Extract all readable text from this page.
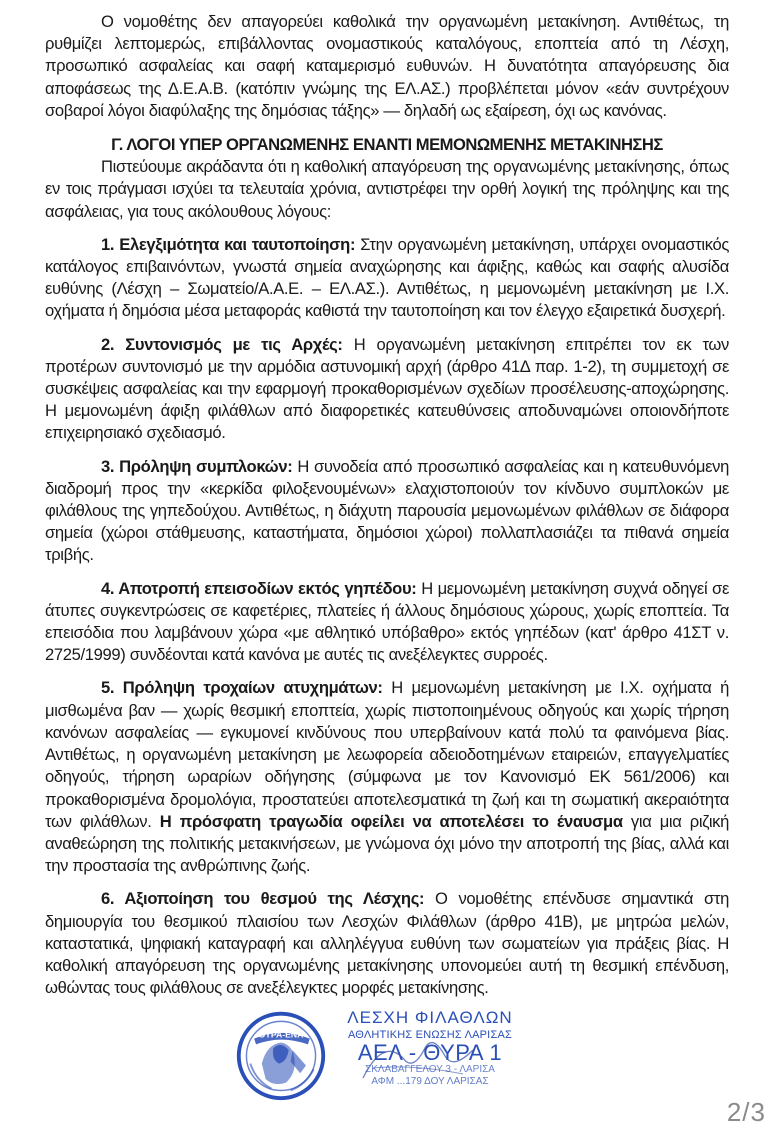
Ο νομοθέτης δεν απαγορεύει καθολικά την οργανωμένη μετακίνηση. Αντιθέτως, τη ρυθμίζει λεπτομερώς, επιβάλλοντας ονομαστικούς καταλόγους, εποπτεία από τη Λέσχη, προσωπικό ασφαλείας και σαφή καταμερισμό ευθυνών. Η δυνατότητα απαγόρευσης δια αποφάσεως της Δ.Ε.Α.Β. (κατόπιν γνώμης της ΕΛ.ΑΣ.) προβλέπεται μόνον «εάν συντρέχουν σοβαροί λόγοι διαφύλαξης της δημόσιας τάξης» — δηλαδή ως εξαίρεση, όχι ως κανόνας.

Γ. ΛΟΓΟΙ ΥΠΕΡ ΟΡΓΑΝΩΜΕΝΗΣ ΕΝΑΝΤΙ ΜΕΜΟΝΩΜΕΝΗΣ ΜΕΤΑΚΙΝΗΣΗΣ

Πιστεύουμε ακράδαντα ότι η καθολική απαγόρευση της οργανωμένης μετακίνησης, όπως εν τοις πράγμασι ισχύει τα τελευταία χρόνια, αντιστρέφει την ορθή λογική της πρόληψης και της ασφάλειας, για τους ακόλουθους λόγους:

1. Ελεγξιμότητα και ταυτοποίηση: Στην οργανωμένη μετακίνηση, υπάρχει ονομαστικός κατάλογος επιβαινόντων, γνωστά σημεία αναχώρησης και άφιξης, καθώς και σαφής αλυσίδα ευθύνης (Λέσχη – Σωματείο/Α.Α.Ε. – ΕΛ.ΑΣ.). Αντιθέτως, η μεμονωμένη μετακίνηση με Ι.Χ. οχήματα ή δημόσια μέσα μεταφοράς καθιστά την ταυτοποίηση και τον έλεγχο εξαιρετικά δυσχερή.

2. Συντονισμός με τις Αρχές: Η οργανωμένη μετακίνηση επιτρέπει τον εκ των προτέρων συντονισμό με την αρμόδια αστυνομική αρχή (άρθρο 41Δ παρ. 1-2), τη συμμετοχή σε συσκέψεις ασφαλείας και την εφαρμογή προκαθορισμένων σχεδίων προσέλευσης-αποχώρησης. Η μεμονωμένη άφιξη φιλάθλων από διαφορετικές κατευθύνσεις αποδυναμώνει οποιονδήποτε επιχειρησιακό σχεδιασμό.

3. Πρόληψη συμπλοκών: Η συνοδεία από προσωπικό ασφαλείας και η κατευθυνόμενη διαδρομή προς την «κερκίδα φιλοξενουμένων» ελαχιστοποιούν τον κίνδυνο συμπλοκών με φιλάθλους της γηπεδούχου. Αντιθέτως, η διάχυτη παρουσία μεμονωμένων φιλάθλων σε διάφορα σημεία (χώροι στάθμευσης, καταστήματα, δημόσιοι χώροι) πολλαπλασιάζει τα πιθανά σημεία τριβής.

4. Αποτροπή επεισοδίων εκτός γηπέδου: Η μεμονωμένη μετακίνηση συχνά οδηγεί σε άτυπες συγκεντρώσεις σε καφετέριες, πλατείες ή άλλους δημόσιους χώρους, χωρίς εποπτεία. Τα επεισόδια που λαμβάνουν χώρα «με αθλητικό υπόβαθρο» εκτός γηπέδων (κατ' άρθρο 41ΣΤ ν. 2725/1999) συνδέονται κατά κανόνα με αυτές τις ανεξέλεγκτες συρροές.

5. Πρόληψη τροχαίων ατυχημάτων: Η μεμονωμένη μετακίνηση με Ι.Χ. οχήματα ή μισθωμένα βαν — χωρίς θεσμική εποπτεία, χωρίς πιστοποιημένους οδηγούς και χωρίς τήρηση κανόνων ασφαλείας — εγκυμονεί κινδύνους που υπερβαίνουν κατά πολύ τα φαινόμενα βίας. Αντιθέτως, η οργανωμένη μετακίνηση με λεωφορεία αδειοδοτημένων εταιρειών, επαγγελματίες οδηγούς, τήρηση ωραρίων οδήγησης (σύμφωνα με τον Κανονισμό ΕΚ 561/2006) και προκαθορισμένα δρομολόγια, προστατεύει αποτελεσματικά τη ζωή και τη σωματική ακεραιότητα των φιλάθλων. Η πρόσφατη τραγωδία οφείλει να αποτελέσει το έναυσμα για μια ριζική αναθεώρηση της πολιτικής μετακινήσεων, με γνώμονα όχι μόνο την αποτροπή της βίας, αλλά και την προστασία της ανθρώπινης ζωής.

6. Αξιοποίηση του θεσμού της Λέσχης: Ο νομοθέτης επένδυσε σημαντικά στη δημιουργία του θεσμικού πλαισίου των Λεσχών Φιλάθλων (άρθρο 41Β), με μητρώα μελών, καταστατικά, ψηφιακή καταγραφή και αλληλέγγυα ευθύνη των σωματείων για πράξεις βίας. Η καθολική απαγόρευση της οργανωμένης μετακίνησης υπονομεύει αυτή τη θεσμική επένδυση, ωθώντας τους φιλάθλους σε ανεξέλεγκτες μορφές μετακίνησης.

ΘΥΡΑ-ΕΝΑ
ΛΕΣΧΗ ΦΙΛΑΘΛΩΝ
ΑΘΛΗΤΙΚΗΣ ΕΝΩΣΗΣ ΛΑΡΙΣΑΣ
ΑΕΛ - ΘΥΡΑ 1
ΣΚΛΑΒΑΓΓΕΛΟΥ 3 - ΛΑΡΙΣΑ
ΑΦΜ ...179 ΔΟΥ ΛΑΡΙΣΑΣ
2/3
